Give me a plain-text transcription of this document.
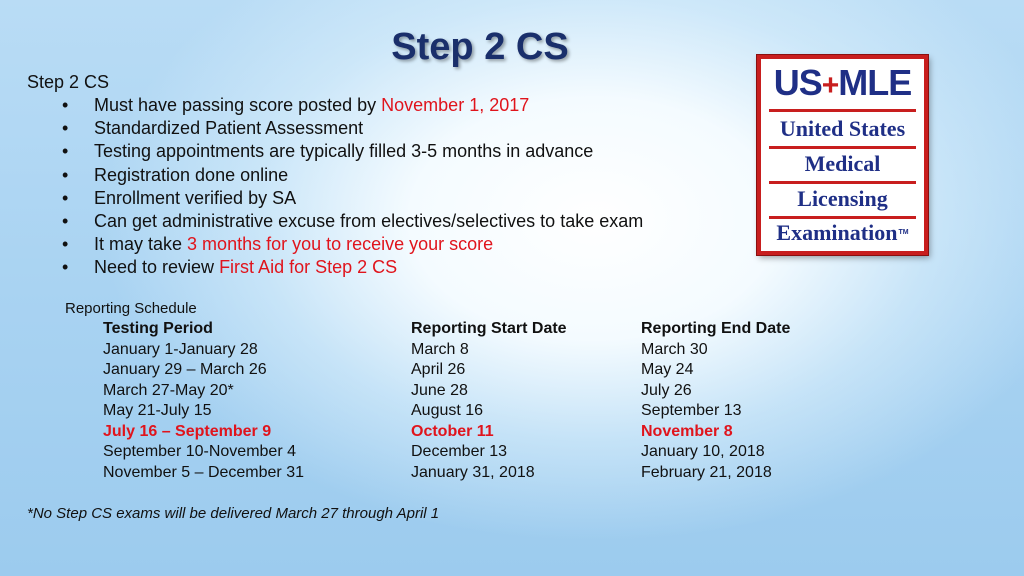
Step 2 CS
Step 2 CS
• Must have passing score posted by November 1, 2017
• Standardized Patient Assessment
• Testing appointments are typically filled 3-5 months in advance
• Registration done online
• Enrollment verified by SA
• Can get administrative excuse from electives/selectives to take exam
• It may take 3 months for you to receive your score
• Need to review First Aid for Step 2 CS
Reporting Schedule
Testing Period	Reporting Start Date	Reporting End Date
January 1-January 28	March 8	March 30
January 29 – March 26	April 26	May 24
March 27-May 20*	June 28	July 26
May 21-July 15	August 16	September 13
July 16 – September 9	October 11	November 8
September 10-November 4	December 13	January 10, 2018
November 5 – December 31	January 31, 2018	February 21, 2018
*No Step CS exams will be delivered March 27 through April 1
US+MLE
United States
Medical
Licensing
Examination™
